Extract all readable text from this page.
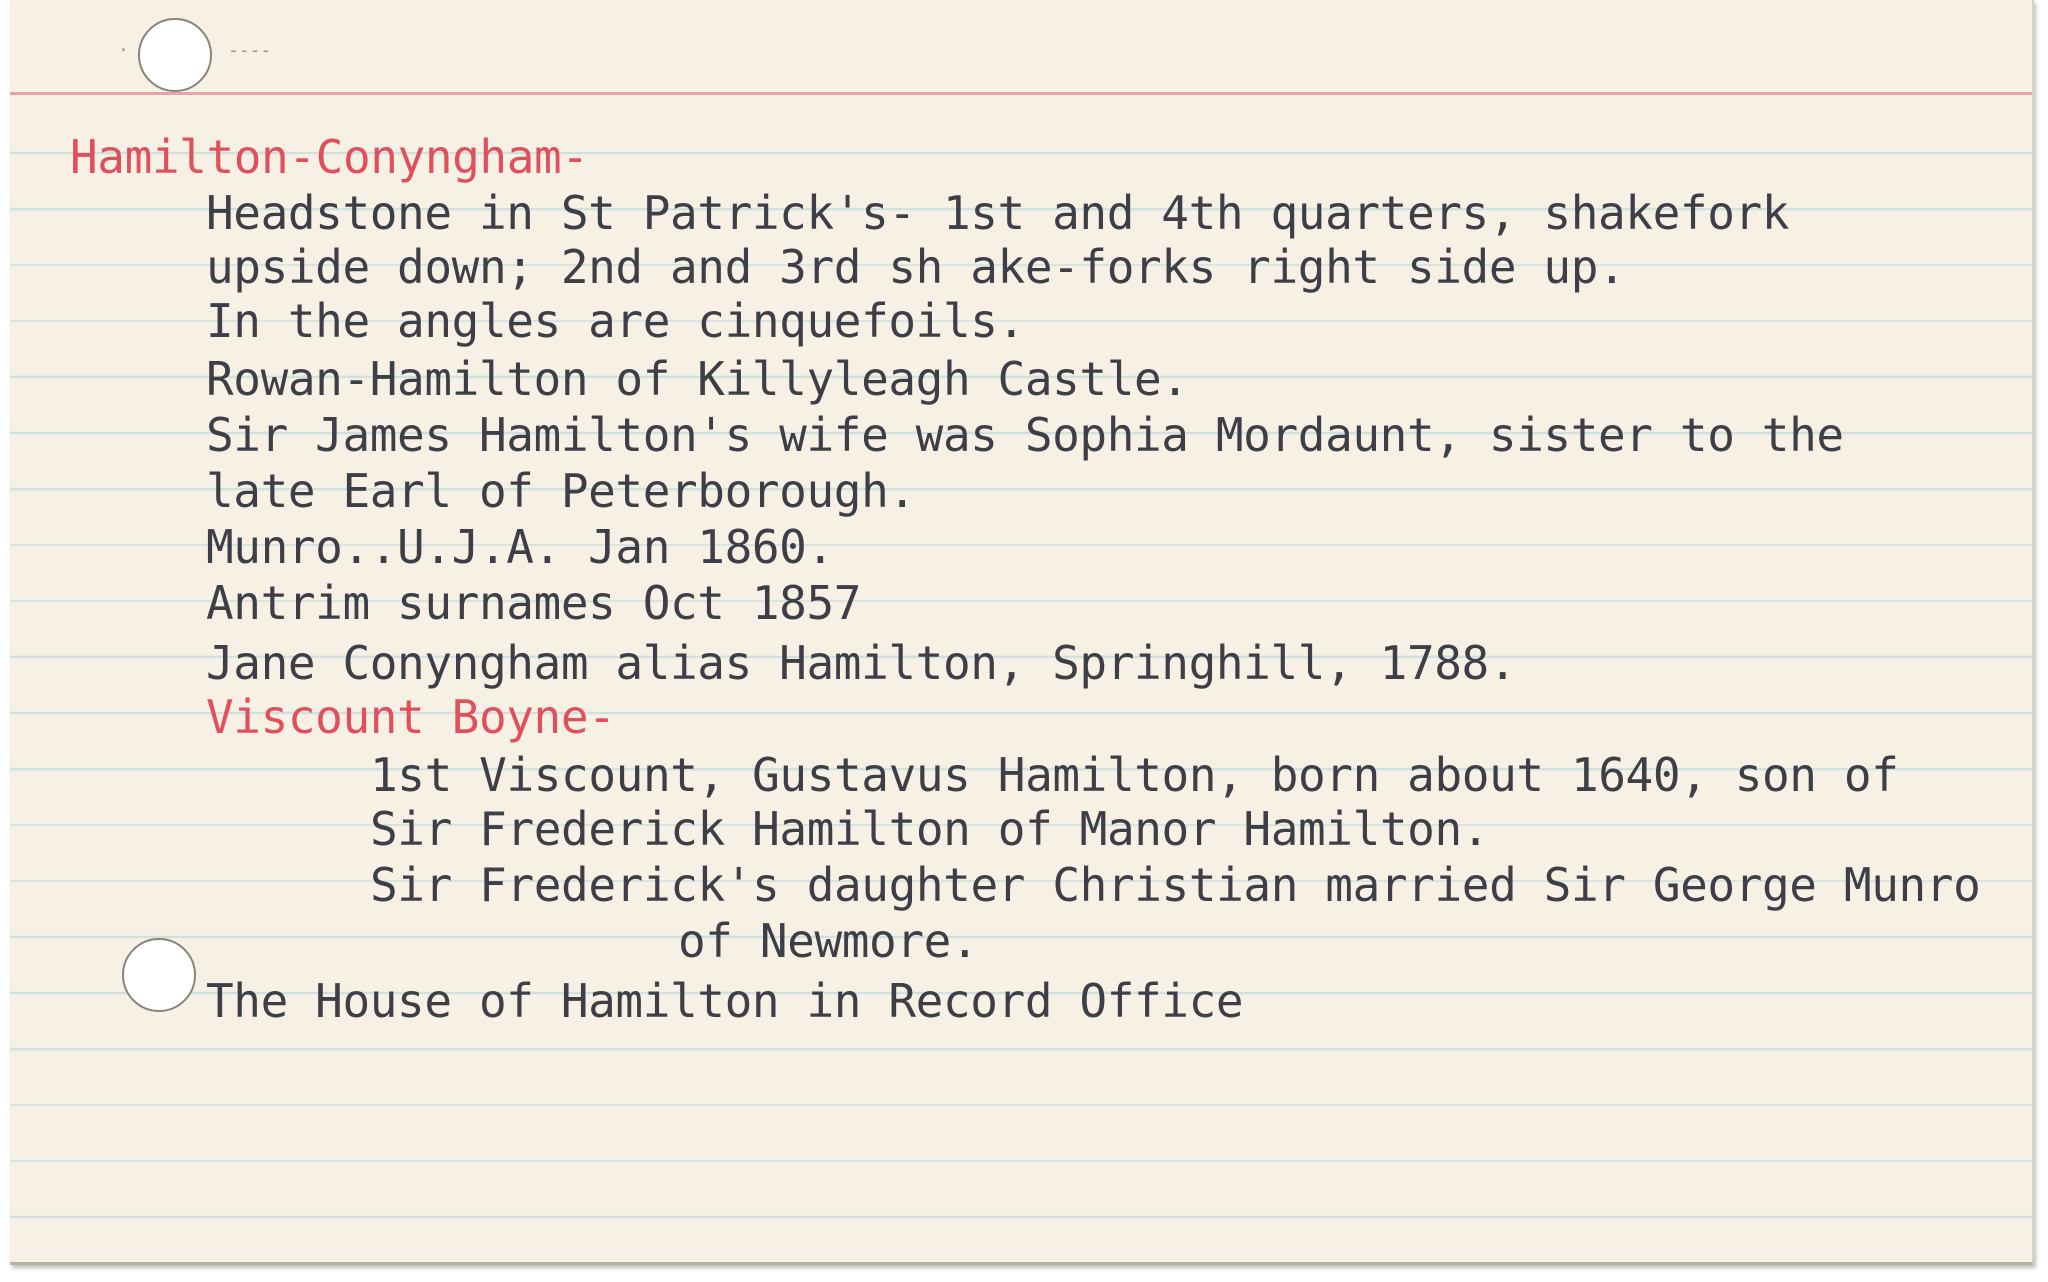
·	----
Hamilton-Conyngham-
Headstone in St Patrick's- 1st and 4th quarters, shakefork
upside down; 2nd and 3rd sh ake-forks right side up.
In the angles are cinquefoils.
Rowan-Hamilton of Killyleagh Castle.
Sir James Hamilton's wife was Sophia Mordaunt, sister to the
late Earl of Peterborough.
Munro..U.J.A. Jan 1860.
Antrim surnames Oct 1857
Jane Conyngham alias Hamilton, Springhill, 1788.
Viscount Boyne-
1st Viscount, Gustavus Hamilton, born about 1640, son of
Sir Frederick Hamilton of Manor Hamilton.
Sir Frederick's daughter Christian married Sir George Munro
of Newmore.
The House of Hamilton in Record Office
